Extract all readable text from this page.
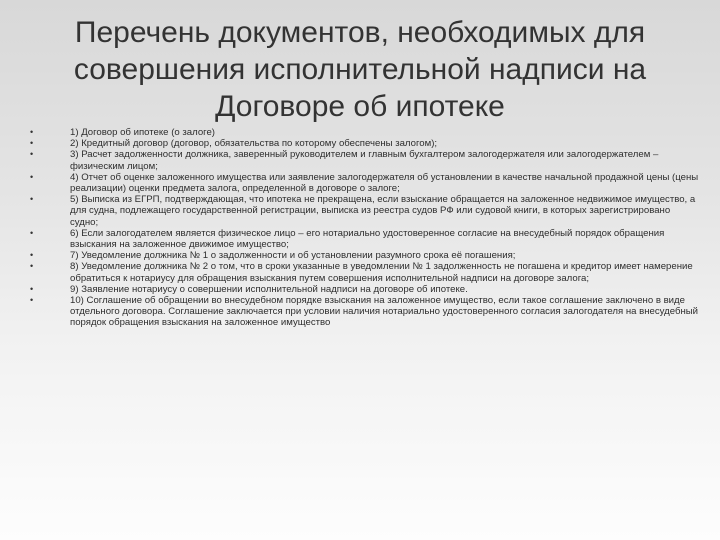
Перечень документов, необходимых для совершения исполнительной надписи на Договоре об ипотеке
•	1) Договор об ипотеке (о залоге)
•	2) Кредитный договор (договор, обязательства по которому обеспечены залогом);
•	3) Расчет задолженности должника, заверенный руководителем и главным бухгалтером залогодержателя или залогодержателем – физическим лицом;
•	4) Отчет об оценке заложенного имущества или заявление залогодержателя об установлении в качестве начальной продажной цены (цены реализации) оценки предмета залога, определенной в договоре о залоге;
•	5) Выписка из ЕГРП, подтверждающая, что ипотека не прекращена, если взыскание обращается на заложенное недвижимое имущество, а для судна, подлежащего государственной регистрации, выписка из реестра судов РФ или судовой книги, в которых зарегистрировано судно;
•	6) Если залогодателем является физическое лицо – его нотариально удостоверенное согласие на внесудебный порядок обращения взыскания на заложенное движимое имущество;
•	7) Уведомление должника № 1 о задолженности и об установлении разумного срока её погашения;
•	8) Уведомление должника № 2 о том, что в сроки указанные в уведомлении № 1 задолженность не погашена и кредитор имеет намерение обратиться к нотариусу для обращения взыскания путем совершения исполнительной надписи на договоре залога;
•	9) Заявление нотариусу о совершении исполнительной надписи на договоре об ипотеке.
•	10) Соглашение об обращении во внесудебном порядке взыскания на заложенное имущество, если такое соглашение заключено в виде отдельного договора. Соглашение заключается при условии наличия нотариально удостоверенного согласия залогодателя на внесудебный порядок обращения взыскания на заложенное имущество
